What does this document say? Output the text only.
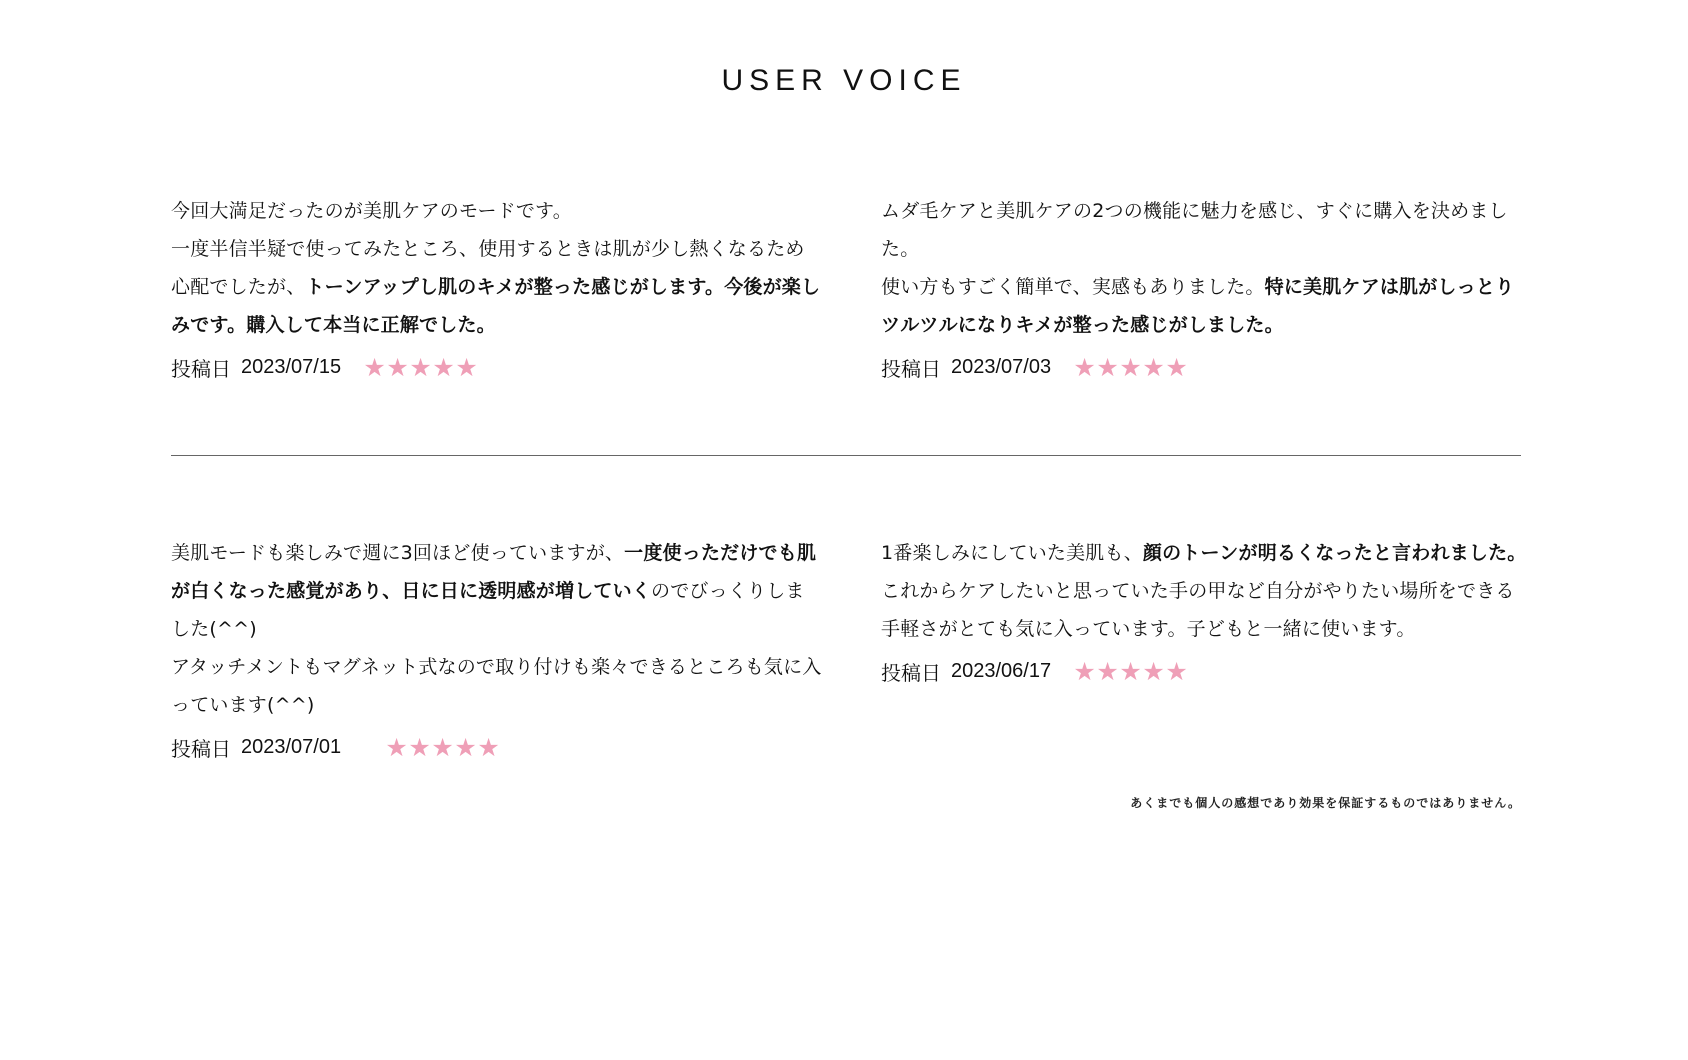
USER VOICE

今回大満足だったのが美肌ケアのモードです。

一度半信半疑で使ってみたところ、使用するときは肌が少し熱くなるため心配でしたが、トーンアップし肌のキメが整った感じがします。今後が楽しみです。購入して本当に正解でした。

投稿日 2023/07/15 ★ ★ ★ ★ ★

ムダ毛ケアと美肌ケアの2つの機能に魅力を感じ、すぐに購入を決めました。

使い方もすごく簡単で、実感もありました。特に美肌ケアは肌がしっとりツルツルになりキメが整った感じがしました。

投稿日 2023/07/03 ★ ★ ★ ★ ★

美肌モードも楽しみで週に3回ほど使っていますが、一度使っただけでも肌が白くなった感覚があり、日に日に透明感が増していくのでびっくりしました(^^)

アタッチメントもマグネット式なので取り付けも楽々できるところも気に入っています(^^)

投稿日 2023/07/01 ★ ★ ★ ★ ★

1番楽しみにしていた美肌も、顔のトーンが明るくなったと言われました。

これからケアしたいと思っていた手の甲など自分がやりたい場所をできる手軽さがとても気に入っています。子どもと一緒に使います。

投稿日 2023/06/17 ★ ★ ★ ★ ★
あくまでも個人の感想であり効果を保証するものではありません。
